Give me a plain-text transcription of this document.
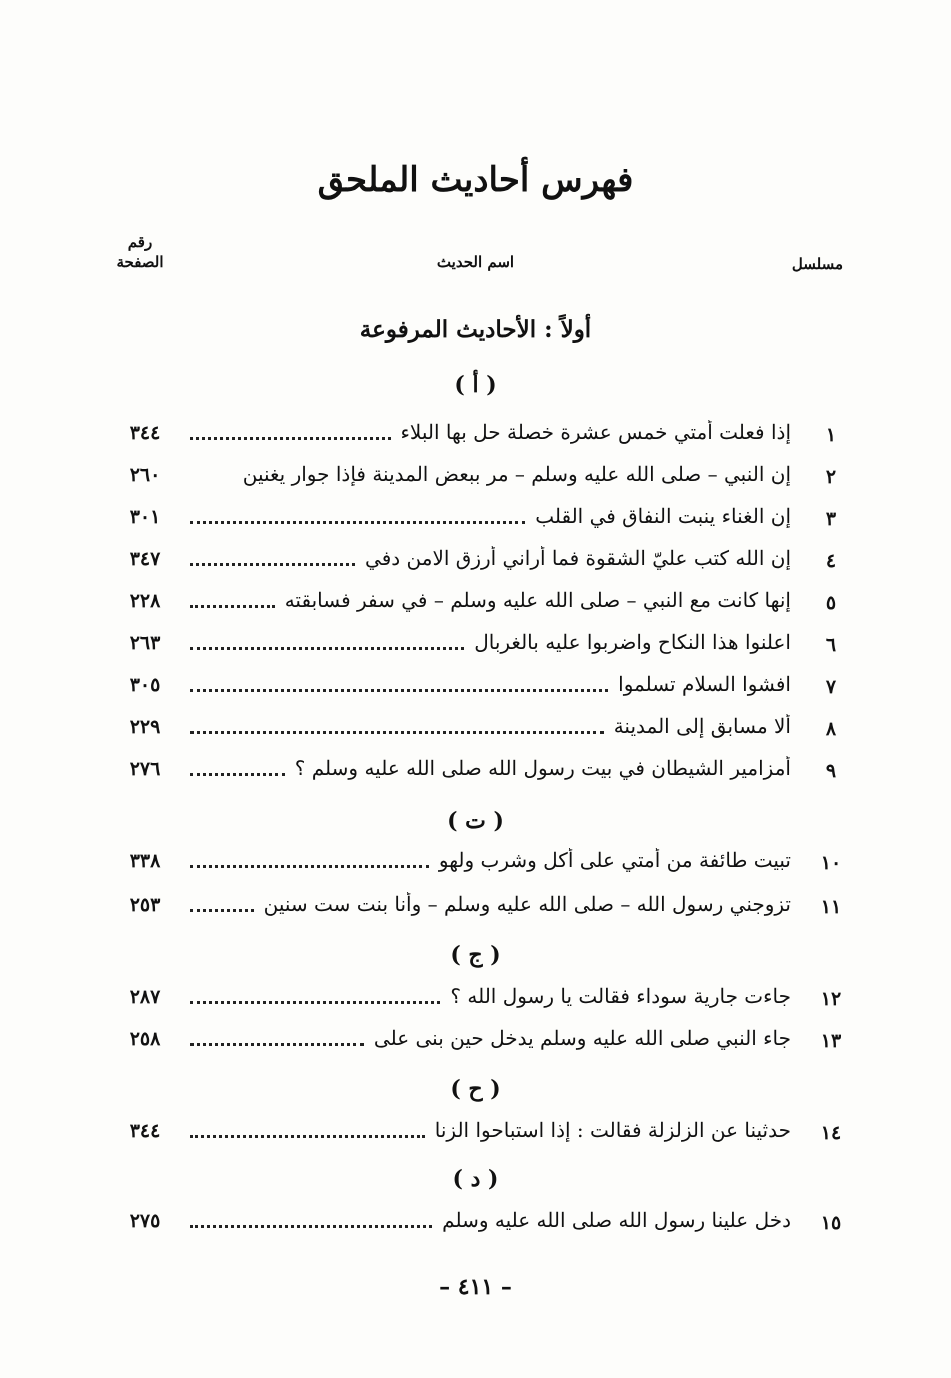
فهرس أحاديث الملحق
مسلسل
اسم الحديث
رقم
الصفحة
أولاً : الأحاديث المرفوعة
( أ )
١
إذا فعلت أمتي خمس عشرة خصلة حل بها البلاء
٣٤٤
٢
إن النبي – صلى الله عليه وسلم – مر ببعض المدينة فإذا جوار يغنين
٢٦٠
٣
إن الغناء ينبت النفاق في القلب
٣٠١
٤
إن الله كتب عليّ الشقوة فما أراني أرزق الامن دفي
٣٤٧
٥
إنها كانت مع النبي – صلى الله عليه وسلم – في سفر فسابقته
٢٢٨
٦
اعلنوا هذا النكاح واضربوا عليه بالغربال
٢٦٣
٧
افشوا السلام تسلموا
٣٠٥
٨
ألا مسابق إلى المدينة
٢٢٩
٩
أمزامير الشيطان في بيت رسول الله صلى الله عليه وسلم ؟
٢٧٦
( ت )
١٠
تبيت طائفة من أمتي على أكل وشرب ولهو
٣٣٨
١١
تزوجني رسول الله – صلى الله عليه وسلم – وأنا بنت ست سنين
٢٥٣
( ج )
١٢
جاءت جارية سوداء فقالت يا رسول الله ؟
٢٨٧
١٣
جاء النبي صلى الله عليه وسلم يدخل حين بنى على
٢٥٨
( ح )
١٤
حدثينا عن الزلزلة فقالت : إذا استباحوا الزنا
٣٤٤
( د )
١٥
دخل علينا رسول الله صلى الله عليه وسلم
٢٧٥
– ٤١١ –
